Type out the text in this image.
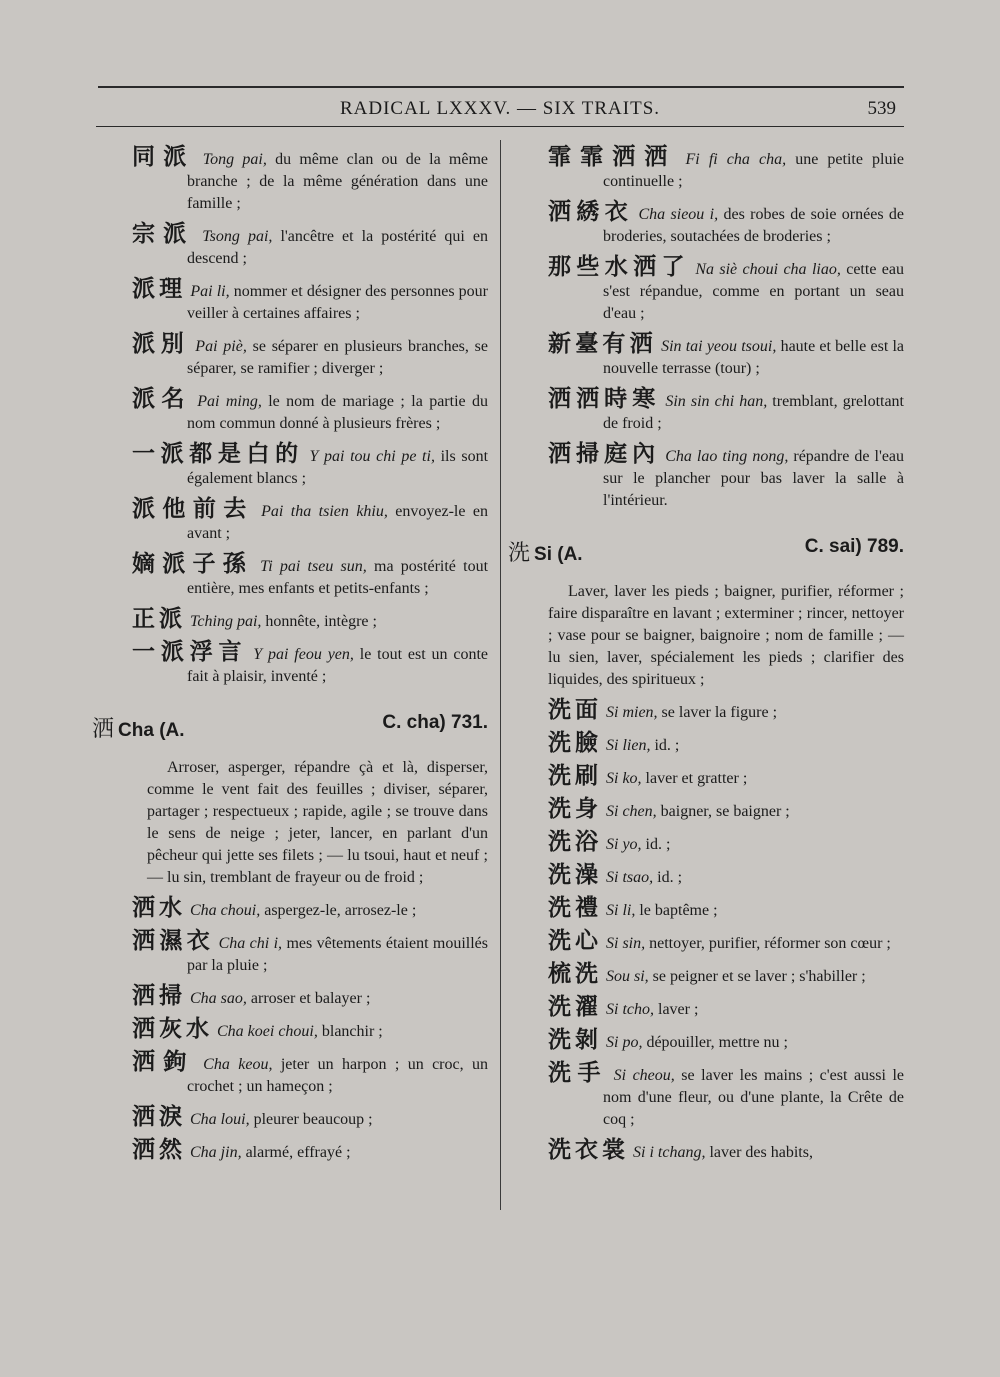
RADICAL LXXXV. — SIX TRAITS.	539
同派 Tong pai, du même clan ou de la même branche ; de la même génération dans une famille ;
宗派 Tsong pai, l'ancêtre et la postérité qui en descend ;
派理 Pai li, nommer et désigner des personnes pour veiller à certaines affaires ;
派別 Pai piè, se séparer en plusieurs branches, se séparer, se ramifier ; diverger ;
派名 Pai ming, le nom de mariage ; la partie du nom commun donné à plusieurs frères ;
一派都是白的 Y pai tou chi pe ti, ils sont également blancs ;
派他前去 Pai tha tsien khiu, envoyez-le en avant ;
嫡派子孫 Ti pai tseu sun, ma postérité tout entière, mes enfants et petits-enfants ;
正派 Tching pai, honnête, intègre ;
一派浮言 Y pai feou yen, le tout est un conte fait à plaisir, inventé ;
洒 Cha (A.	C. cha) 731.
Arroser, asperger, répandre çà et là, disperser, comme le vent fait des feuilles ; diviser, séparer, partager ; respectueux ; rapide, agile ; se trouve dans le sens de neige ; jeter, lancer, en parlant d'un pêcheur qui jette ses filets ; — lu tsoui, haut et neuf ; — lu sin, tremblant de frayeur ou de froid ;
洒水 Cha choui, aspergez-le, arrosez-le ;
洒濕衣 Cha chi i, mes vêtements étaient mouillés par la pluie ;
洒掃 Cha sao, arroser et balayer ;
洒灰水 Cha koei choui, blanchir ;
洒鉤 Cha keou, jeter un harpon ; un croc, un crochet ; un hameçon ;
洒淚 Cha loui, pleurer beaucoup ;
洒然 Cha jin, alarmé, effrayé ;
霏霏洒洒 Fi fi cha cha, une petite pluie continuelle ;
洒綉衣 Cha sieou i, des robes de soie ornées de broderies, soutachées de broderies ;
那些水洒了 Na siè choui cha liao, cette eau s'est répandue, comme en portant un seau d'eau ;
新臺有洒 Sin tai yeou tsoui, haute et belle est la nouvelle terrasse (tour) ;
洒洒時寒 Sin sin chi han, tremblant, grelottant de froid ;
洒掃庭內 Cha lao ting nong, répandre de l'eau sur le plancher pour bas laver la salle à l'intérieur.
洗 Si (A.	C. sai) 789.
Laver, laver les pieds ; baigner, purifier, réformer ; faire disparaître en lavant ; exterminer ; rincer, nettoyer ; vase pour se baigner, baignoire ; nom de famille ; — lu sien, laver, spécialement les pieds ; clarifier des liquides, des spiritueux ;
洗面 Si mien, se laver la figure ;
洗臉 Si lien, id. ;
洗刷 Si ko, laver et gratter ;
洗身 Si chen, baigner, se baigner ;
洗浴 Si yo, id. ;
洗澡 Si tsao, id. ;
洗禮 Si li, le baptême ;
洗心 Si sin, nettoyer, purifier, réformer son cœur ;
梳洗 Sou si, se peigner et se laver ; s'habiller ;
洗濯 Si tcho, laver ;
洗剝 Si po, dépouiller, mettre nu ;
洗手 Si cheou, se laver les mains ; c'est aussi le nom d'une fleur, ou d'une plante, la Crête de coq ;
洗衣裳 Si i tchang, laver des habits,
